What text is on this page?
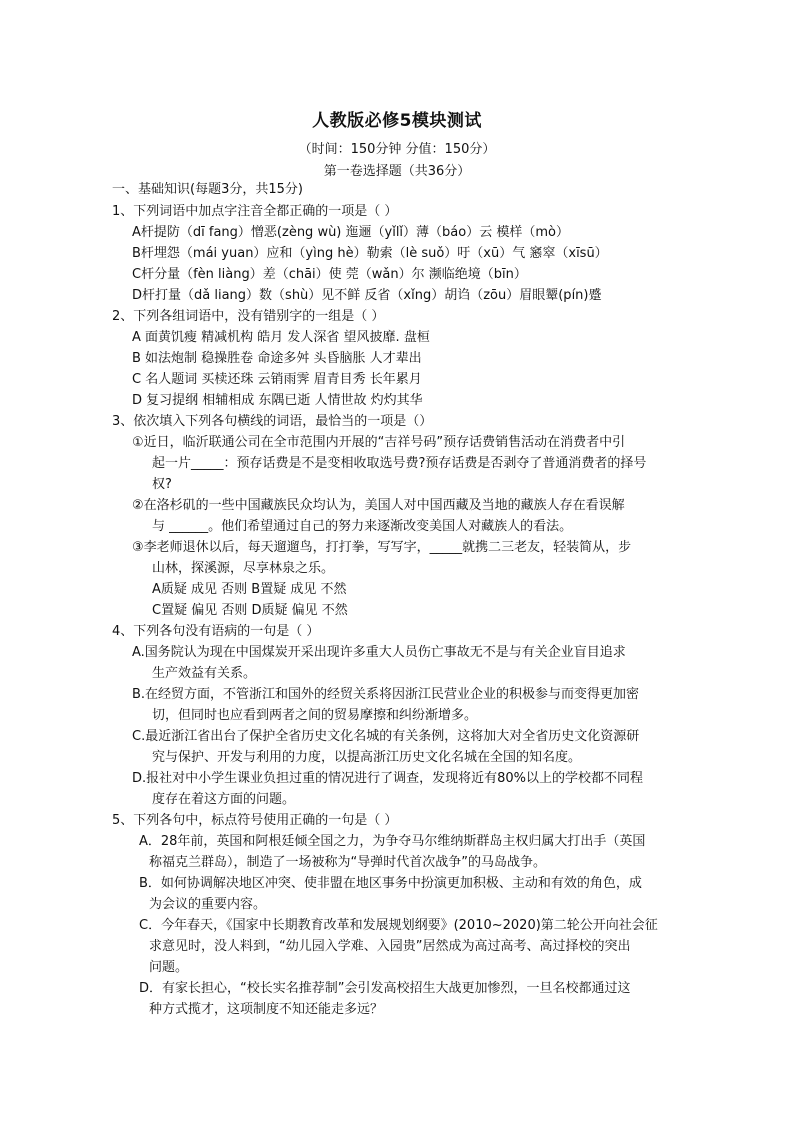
人教版必修5模块测试
（时间：150分钟 分值：150分）
第一卷选择题（共36分）
一、基础知识(每题3分，共15分)
1、下列词语中加点字注音全都正确的一项是（ ）
A杆提防（dī fang）憎恶(zèng wù) 迤逦（yǐlǐ）薄（báo）云 模样（mò）
B杆埋怨（mái yuan）应和（yìng hè）勒索（lè suǒ）吁（xū）气 窸窣（xīsū）
C杆分量（fèn liàng）差（chāi）使 莞（wǎn）尔 濒临绝境（bīn）
D杆打量（dǎ liang）数（shù）见不鲜 反省（xǐng）胡诌（zōu）眉眼颦(pín)蹙
2、下列各组词语中，没有错别字的一组是（ ）
A 面黄饥瘦 精减机构 皓月 发人深省 望风披靡. 盘桓
B 如法炮制 稳操胜卷 命途多舛 头昏脑胀 人才辈出
C 名人题词 买椟还珠 云销雨霁 眉青目秀 长年累月
D 复习提纲 相辅相成 东隅已逝 人情世故 灼灼其华
3、依次填入下列各句横线的词语，最恰当的一项是（）
①近日，临沂联通公司在全市范围内开展的“吉祥号码”预存话费销售活动在消费者中引
起一片_____：预存话费是不是变相收取选号费?预存话费是否剥夺了普通消费者的择号
权?
②在洛杉矶的一些中国藏族民众均认为，美国人对中国西藏及当地的藏族人存在看误解
与 ______。他们希望通过自己的努力来逐渐改变美国人对藏族人的看法。
③李老师退休以后，每天遛遛鸟，打打拳，写写字，_____就携二三老友，轻装简从，步
山林，探溪源，尽享林泉之乐。
A质疑 成见 否则 B置疑 成见 不然
C置疑 偏见 否则 D质疑 偏见 不然
4、下列各句没有语病的一句是（ ）
A.国务院认为现在中国煤炭开采出现许多重大人员伤亡事故无不是与有关企业盲目追求
生产效益有关系。
B.在经贸方面，不管浙江和国外的经贸关系将因浙江民营业企业的积极参与而变得更加密
切，但同时也应看到两者之间的贸易摩擦和纠纷渐增多。
C.最近浙江省出台了保护全省历史文化名城的有关条例，这将加大对全省历史文化资源研
究与保护、开发与利用的力度，以提高浙江历史文化名城在全国的知名度。
D.报社对中小学生课业负担过重的情况进行了调查，发现将近有80%以上的学校都不同程
度存在着这方面的问题。
5、下列各句中，标点符号使用正确的一句是（ ）
A．28年前，英国和阿根廷倾全国之力，为争夺马尔维纳斯群岛主权归属大打出手（英国
称福克兰群岛），制造了一场被称为“导弹时代首次战争”的马岛战争。
B．如何协调解决地区冲突、使非盟在地区事务中扮演更加积极、主动和有效的角色，成
为会议的重要内容。
C．今年春天，《国家中长期教育改革和发展规划纲要》(2010~2020)第二轮公开向社会征
求意见时，没人料到，“幼儿园入学难、入园贵”居然成为高过高考、高过择校的突出
问题。
D．有家长担心，“校长实名推荐制”会引发高校招生大战更加惨烈，一旦名校都通过这
种方式揽才，这项制度不知还能走多远？
